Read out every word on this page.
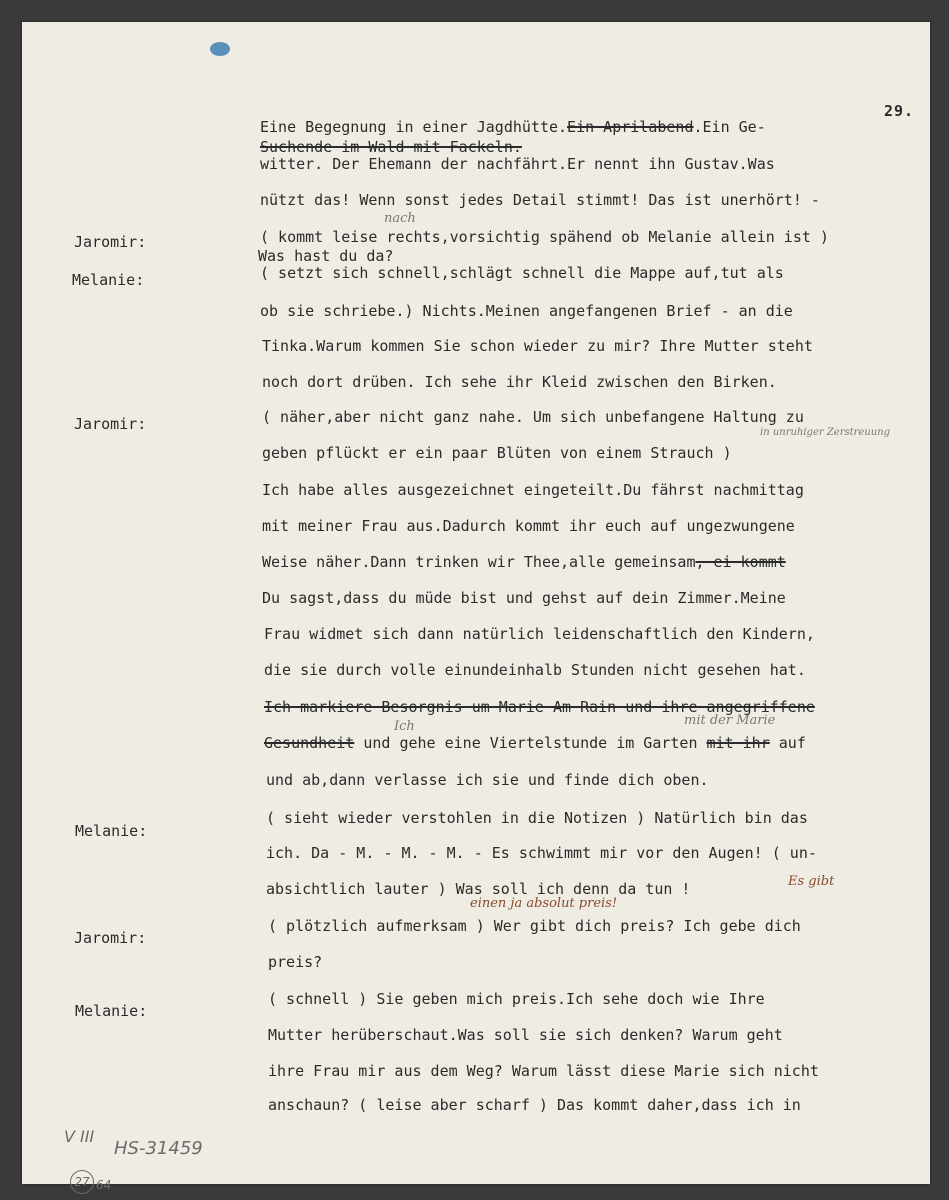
29.
Jaromir:
Melanie:
Jaromir:
Melanie:
Jaromir:
Melanie:
Eine Begegnung in einer Jagdhütte.Ein Aprilabend.Ein Ge-
Suchende im Wald mit Fackeln.
witter. Der Ehemann der nachfährt.Er nennt ihn Gustav.Was
nützt das! Wenn sonst jedes Detail stimmt! Das ist unerhört! -
( kommt leise rechts,vorsichtig spähend ob Melanie allein ist )
Was hast du da?
( setzt sich schnell,schlägt schnell die Mappe auf,tut als
ob sie schriebe.) Nichts.Meinen angefangenen Brief - an die
Tinka.Warum kommen Sie schon wieder zu mir? Ihre Mutter steht
noch dort drüben. Ich sehe ihr Kleid zwischen den Birken.
( näher,aber nicht ganz nahe. Um sich unbefangene Haltung zu
geben pflückt er ein paar Blüten von einem Strauch )
Ich habe alles ausgezeichnet eingeteilt.Du fährst nachmittag
mit meiner Frau aus.Dadurch kommt ihr euch auf ungezwungene
Weise näher.Dann trinken wir Thee,alle gemeinsam, ei kommt
Du sagst,dass du müde bist und gehst auf dein Zimmer.Meine
Frau widmet sich dann natürlich leidenschaftlich den Kindern,
die sie durch volle einundeinhalb Stunden nicht gesehen hat.
Ich markiere Besorgnis um Marie Am Rain und ihre angegriffene
Gesundheit und gehe eine Viertelstunde im Garten mit ihr auf
und ab,dann verlasse ich sie und finde dich oben.
( sieht wieder verstohlen in die Notizen ) Natürlich bin das
ich. Da - M. - M. - M. - Es schwimmt mir vor den Augen! ( un-
absichtlich lauter ) Was soll ich denn da tun !
( plötzlich aufmerksam ) Wer gibt dich preis? Ich gebe dich
preis?
( schnell ) Sie geben mich preis.Ich sehe doch wie Ihre
Mutter herüberschaut.Was soll sie sich denken? Warum geht
ihre Frau mir aus dem Weg? Warum lässt diese Marie sich nicht
anschaun? ( leise aber scharf ) Das kommt daher,dass ich in
nach
in unruhiger Zerstreuung
Ich	mit der Marie
Es gibt
einen ja absolut preis!
V III
27 64
HS-31459
